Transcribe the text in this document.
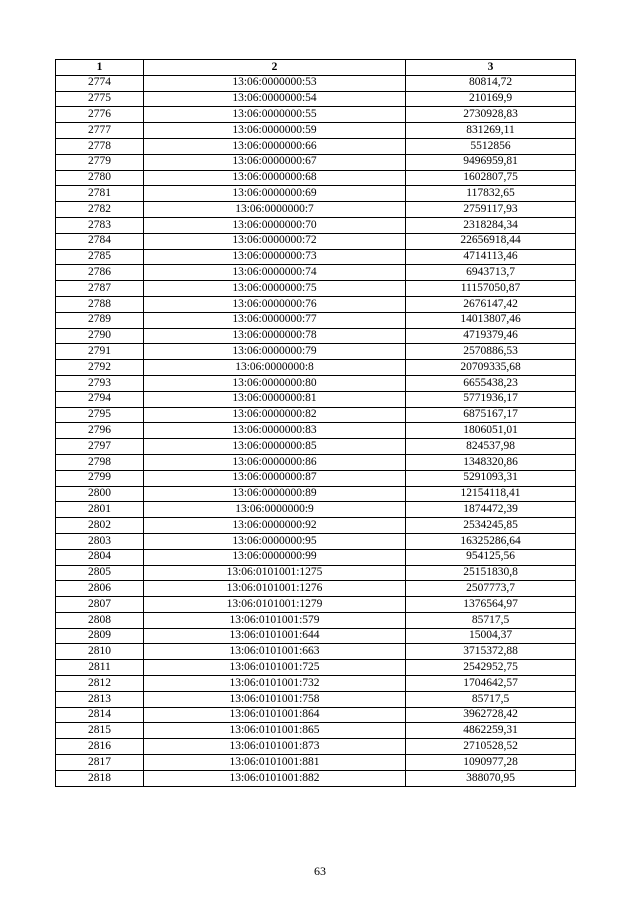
1	2	3
2774	13:06:0000000:53	80814,72
2775	13:06:0000000:54	210169,9
2776	13:06:0000000:55	2730928,83
2777	13:06:0000000:59	831269,11
2778	13:06:0000000:66	5512856
2779	13:06:0000000:67	9496959,81
2780	13:06:0000000:68	1602807,75
2781	13:06:0000000:69	117832,65
2782	13:06:0000000:7	2759117,93
2783	13:06:0000000:70	2318284,34
2784	13:06:0000000:72	22656918,44
2785	13:06:0000000:73	4714113,46
2786	13:06:0000000:74	6943713,7
2787	13:06:0000000:75	11157050,87
2788	13:06:0000000:76	2676147,42
2789	13:06:0000000:77	14013807,46
2790	13:06:0000000:78	4719379,46
2791	13:06:0000000:79	2570886,53
2792	13:06:0000000:8	20709335,68
2793	13:06:0000000:80	6655438,23
2794	13:06:0000000:81	5771936,17
2795	13:06:0000000:82	6875167,17
2796	13:06:0000000:83	1806051,01
2797	13:06:0000000:85	824537,98
2798	13:06:0000000:86	1348320,86
2799	13:06:0000000:87	5291093,31
2800	13:06:0000000:89	12154118,41
2801	13:06:0000000:9	1874472,39
2802	13:06:0000000:92	2534245,85
2803	13:06:0000000:95	16325286,64
2804	13:06:0000000:99	954125,56
2805	13:06:0101001:1275	25151830,8
2806	13:06:0101001:1276	2507773,7
2807	13:06:0101001:1279	1376564,97
2808	13:06:0101001:579	85717,5
2809	13:06:0101001:644	15004,37
2810	13:06:0101001:663	3715372,88
2811	13:06:0101001:725	2542952,75
2812	13:06:0101001:732	1704642,57
2813	13:06:0101001:758	85717,5
2814	13:06:0101001:864	3962728,42
2815	13:06:0101001:865	4862259,31
2816	13:06:0101001:873	2710528,52
2817	13:06:0101001:881	1090977,28
2818	13:06:0101001:882	388070,95
63
